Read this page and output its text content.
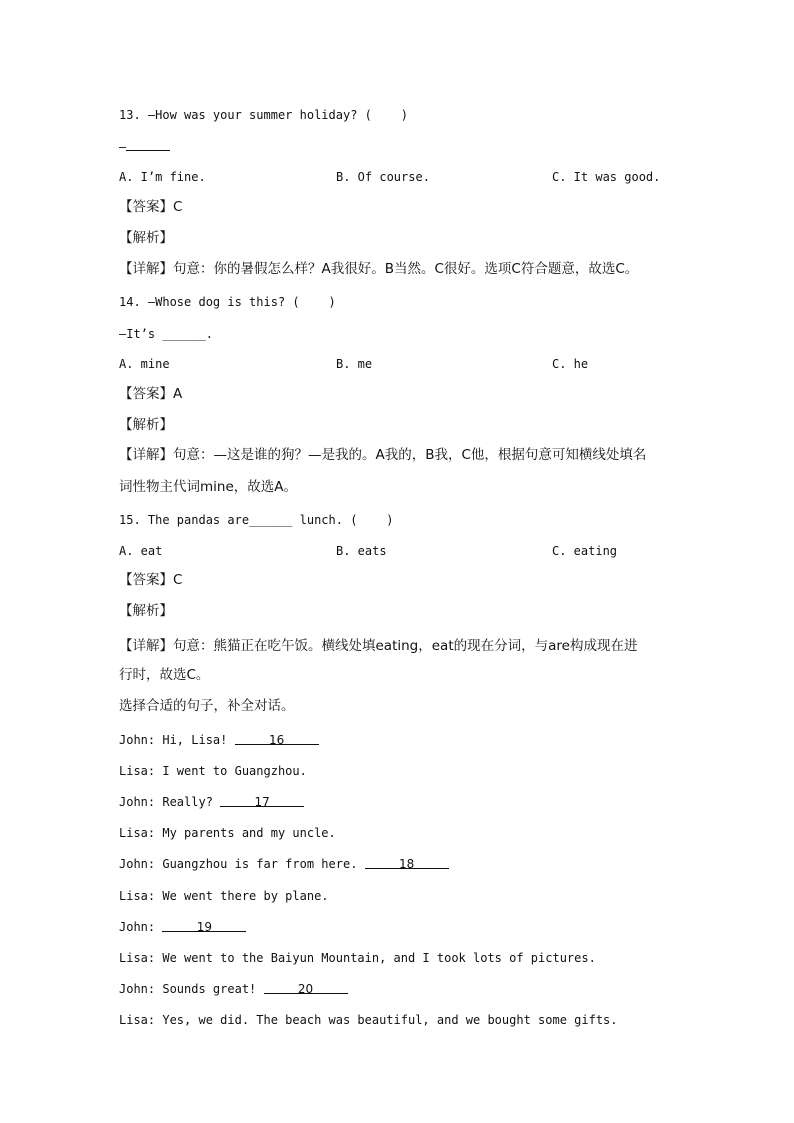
13. —How was your summer holiday? (    )
—
A. I’m fine.	B. Of course.	C. It was good.
【答案】C
【解析】
【详解】句意：你的暑假怎么样？A我很好。B当然。C很好。选项C符合题意，故选C。
14. —Whose dog is this? (    )
—It’s ______.
A. mine	B. me	C. he
【答案】A
【解析】
【详解】句意：—这是谁的狗？—是我的。A我的，B我，C他，根据句意可知横线处填名
词性物主代词mine，故选A。
15. The pandas are______ lunch. (    )
A. eat	B. eats	C. eating
【答案】C
【解析】
【详解】句意：熊猫正在吃午饭。横线处填eating，eat的现在分词，与are构成现在进
行时，故选C。
选择合适的句子，补全对话。
John: Hi, Lisa!	16
Lisa: I went to Guangzhou.
John: Really?	17
Lisa: My parents and my uncle.
John: Guangzhou is far from here.	18
Lisa: We went there by plane.
John:	19
Lisa: We went to the Baiyun Mountain, and I took lots of pictures.
John: Sounds great!	20
Lisa: Yes, we did. The beach was beautiful, and we bought some gifts.
